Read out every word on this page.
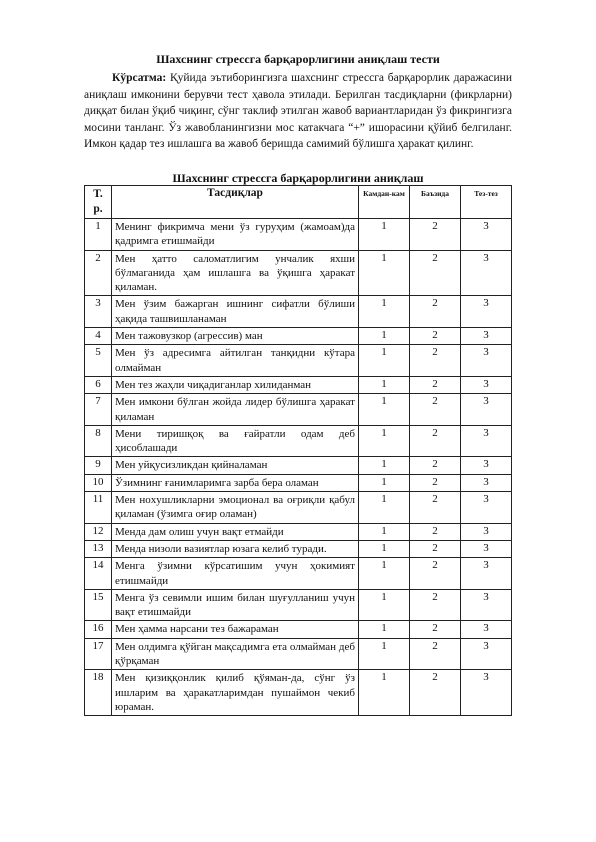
Шахснинг стрессга барқарорлигини аниқлаш тести
Кўрсатма: Қуйида эътиборингизга шахснинг стрессга барқарорлик даражасини аниқлаш имконини берувчи тест ҳавола этилади. Берилган тасдиқларни (фикрларни) диққат билан ўқиб чиқинг, сўнг таклиф этилган жавоб вариантларидан ўз фикрингизга мосини танланг. Ўз жавобланингизни мос катакчага “+” ишорасини қўйиб белгиланг. Имкон қадар тез ишлашга ва жавоб беришда самимий бўлишга ҳаракат қилинг.
Шахснинг стрессга барқарорлигини аниқлаш
Т. р.	Тасдиқлар	Камдан-кам	Баъзида	Тез-тез
1	Менинг фикримча мени ўз гуруҳим (жамоам)да қадримга етишмайди	1	2	3
2	Мен ҳатто саломатлигим унчалик яхши бўлмаганида ҳам ишлашга ва ўқишга ҳаракат қиламан.	1	2	3
3	Мен ўзим бажарган ишнинг сифатли бўлиши ҳақида ташвишланаман	1	2	3
4	Мен тажовузкор (агрессив) ман	1	2	3
5	Мен ўз адресимга айтилган танқидни кўтара олмайман	1	2	3
6	Мен тез жаҳли чиқадиганлар хилиданман	1	2	3
7	Мен имкони бўлган жойда лидер бўлишга ҳаракат қиламан	1	2	3
8	Мени тиришқоқ ва ғайратли одам деб ҳисоблашади	1	2	3
9	Мен уйқусизликдан қийналаман	1	2	3
10	Ўзимнинг ғанимларимга зарба бера оламан	1	2	3
11	Мен ноxушликларни эмоционал ва оғриқли қабул қиламан (ўзимга оғир оламан)	1	2	3
12	Менда дам олиш учун вақт етмайди	1	2	3
13	Менда низоли вазиятлар юзага келиб туради.	1	2	3
14	Менга ўзимни кўрсатишим учун ҳокимият етишмайди	1	2	3
15	Менга ўз севимли ишим билан шуғулланиш учун вақт етишмайди	1	2	3
16	Мен ҳамма нарсани тез бажараман	1	2	3
17	Мен олдимга қўйган мақсадимга ета олмайман деб қўрқаман	1	2	3
18	Мен қизиққонлик қилиб қўяман-да, сўнг ўз ишларим ва ҳаракатларимдан пушаймон чекиб юраман.	1	2	3
